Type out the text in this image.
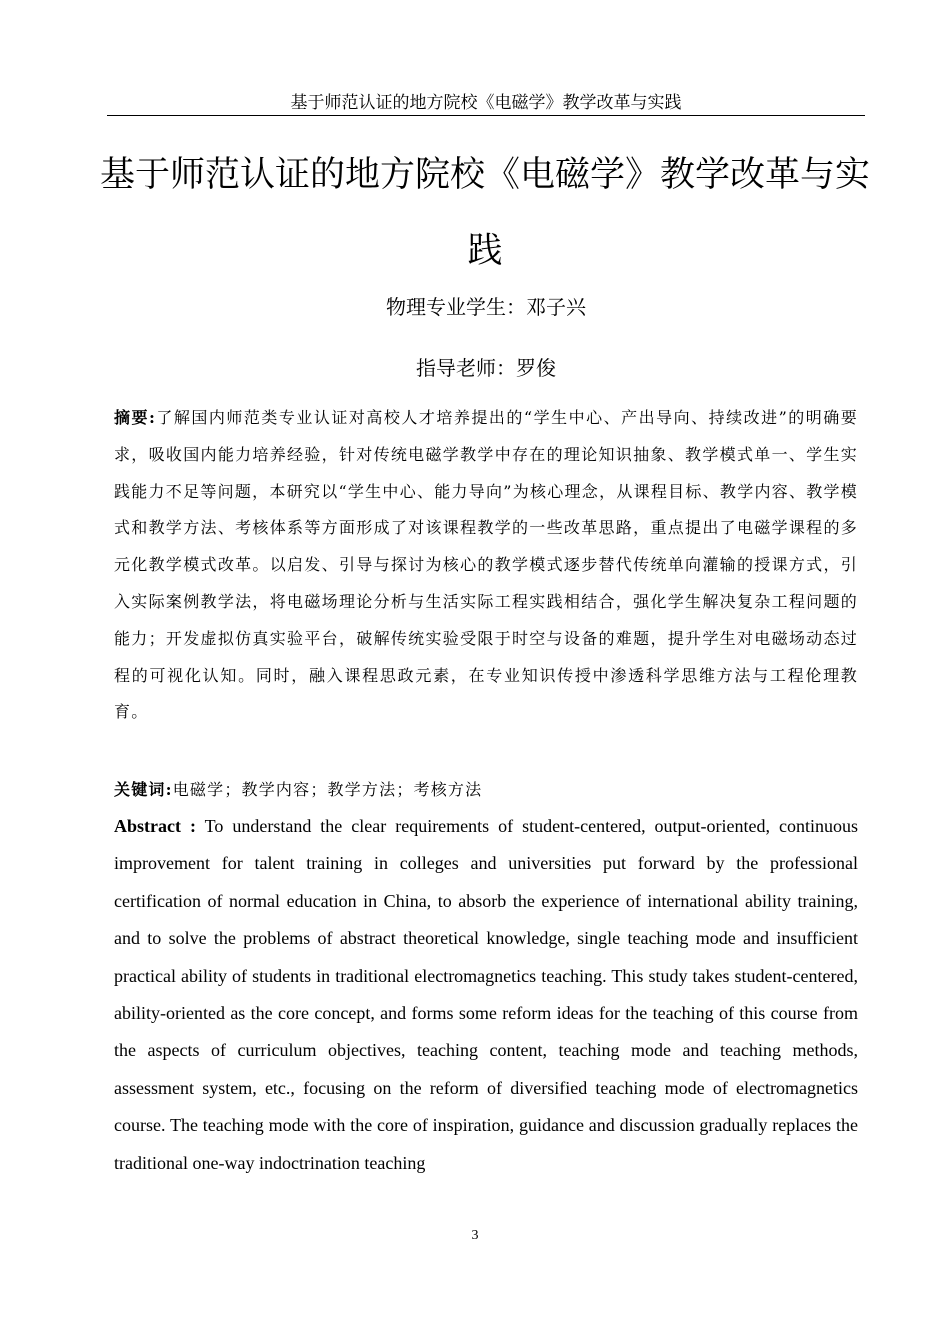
基于师范认证的地方院校《电磁学》教学改革与实践
基于师范认证的地方院校《电磁学》教学改革与实践
物理专业学生：邓子兴
指导老师：罗俊
摘要:了解国内师范类专业认证对高校人才培养提出的“学生中心、产出导向、持续改进”的明确要求，吸收国内能力培养经验，针对传统电磁学教学中存在的理论知识抽象、教学模式单一、学生实践能力不足等问题，本研究以“学生中心、能力导向”为核心理念，从课程目标、教学内容、教学模式和教学方法、考核体系等方面形成了对该课程教学的一些改革思路，重点提出了电磁学课程的多元化教学模式改革。以启发、引导与探讨为核心的教学模式逐步替代传统单向灌输的授课方式，引入实际案例教学法，将电磁场理论分析与生活实际工程实践相结合，强化学生解决复杂工程问题的能力；开发虚拟仿真实验平台，破解传统实验受限于时空与设备的难题，提升学生对电磁场动态过程的可视化认知。同时，融入课程思政元素，在专业知识传授中渗透科学思维方法与工程伦理教育。
关键词:电磁学；教学内容；教学方法；考核方法
Abstract : To understand the clear requirements of student-centered, output-oriented, continuous improvement for talent training in colleges and universities put forward by the professional certification of normal education in China, to absorb the experience of international ability training, and to solve the problems of abstract theoretical knowledge, single teaching mode and insufficient practical ability of students in traditional electromagnetics teaching. This study takes student-centered, ability-oriented as the core concept, and forms some reform ideas for the teaching of this course from the aspects of curriculum objectives, teaching content, teaching mode and teaching methods, assessment system, etc., focusing on the reform of diversified teaching mode of electromagnetics course. The teaching mode with the core of inspiration, guidance and discussion gradually replaces the traditional one-way indoctrination teaching
3
